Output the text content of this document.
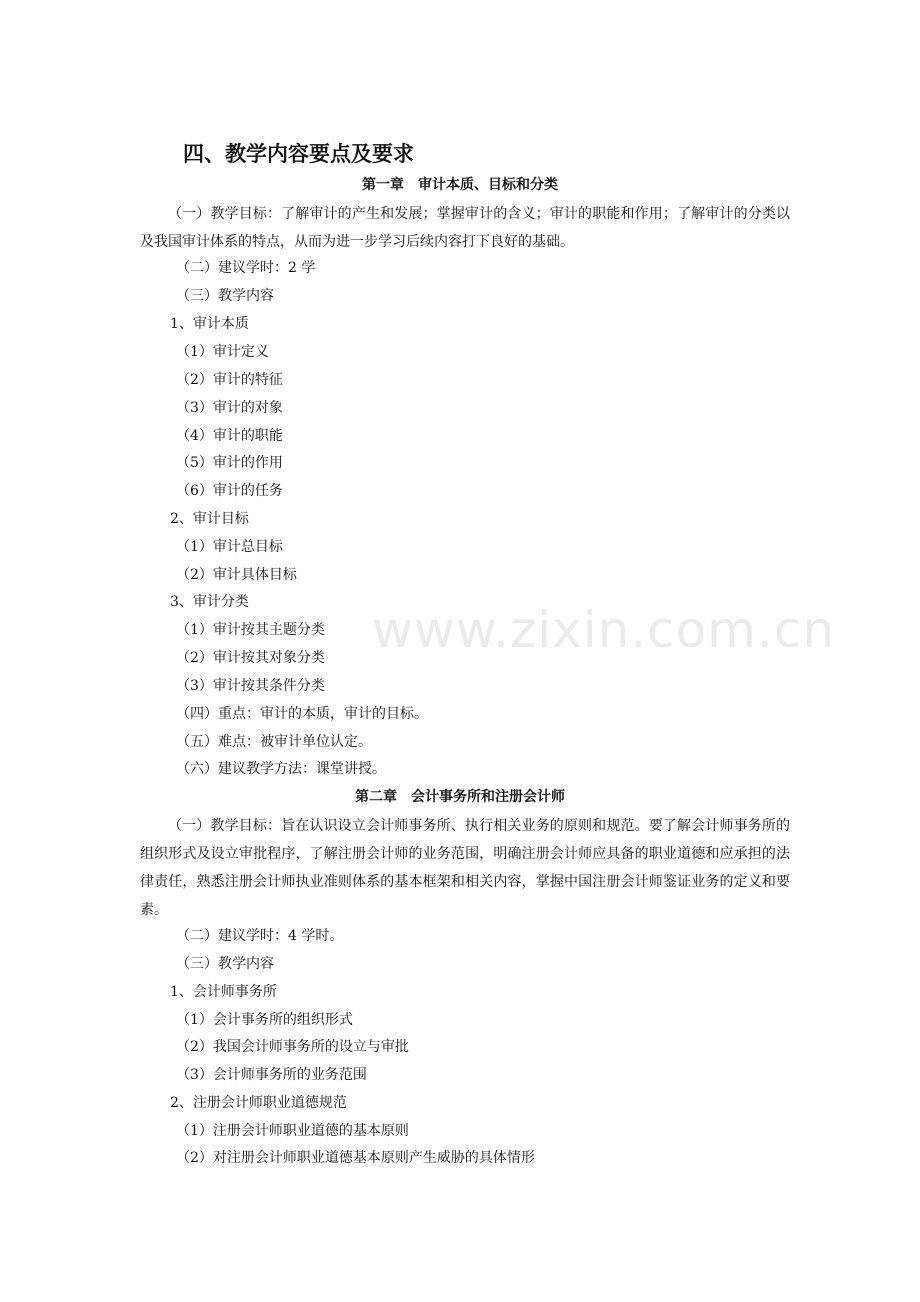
www.zixin.com.cn
四、教学内容要点及要求
第一章 审计本质、目标和分类

（一）教学目标：了解审计的产生和发展；掌握审计的含义；审计的职能和作用；了解审计的分类以及我国审计体系的特点，从而为进一步学习后续内容打下良好的基础。

（二）建议学时：2 学
（三）教学内容
1、审计本质
（1）审计定义
（2）审计的特征
（3）审计的对象
（4）审计的职能
（5）审计的作用
（6）审计的任务
2、审计目标
（1）审计总目标
（2）审计具体目标
3、审计分类
（1）审计按其主题分类
（2）审计按其对象分类
（3）审计按其条件分类
（四）重点：审计的本质，审计的目标。
（五）难点：被审计单位认定。
（六）建议教学方法：课堂讲授。
第二章 会计事务所和注册会计师

（一）教学目标：旨在认识设立会计师事务所、执行相关业务的原则和规范。要了解会计师事务所的组织形式及设立审批程序，了解注册会计师的业务范围，明确注册会计师应具备的职业道德和应承担的法律责任，熟悉注册会计师执业准则体系的基本框架和相关内容，掌握中国注册会计师鉴证业务的定义和要素。

（二）建议学时：4 学时。
（三）教学内容
1、会计师事务所
（1）会计事务所的组织形式
（2）我国会计师事务所的设立与审批
（3）会计师事务所的业务范围
2、注册会计师职业道德规范
（1）注册会计师职业道德的基本原则
（2）对注册会计师职业道德基本原则产生威胁的具体情形
